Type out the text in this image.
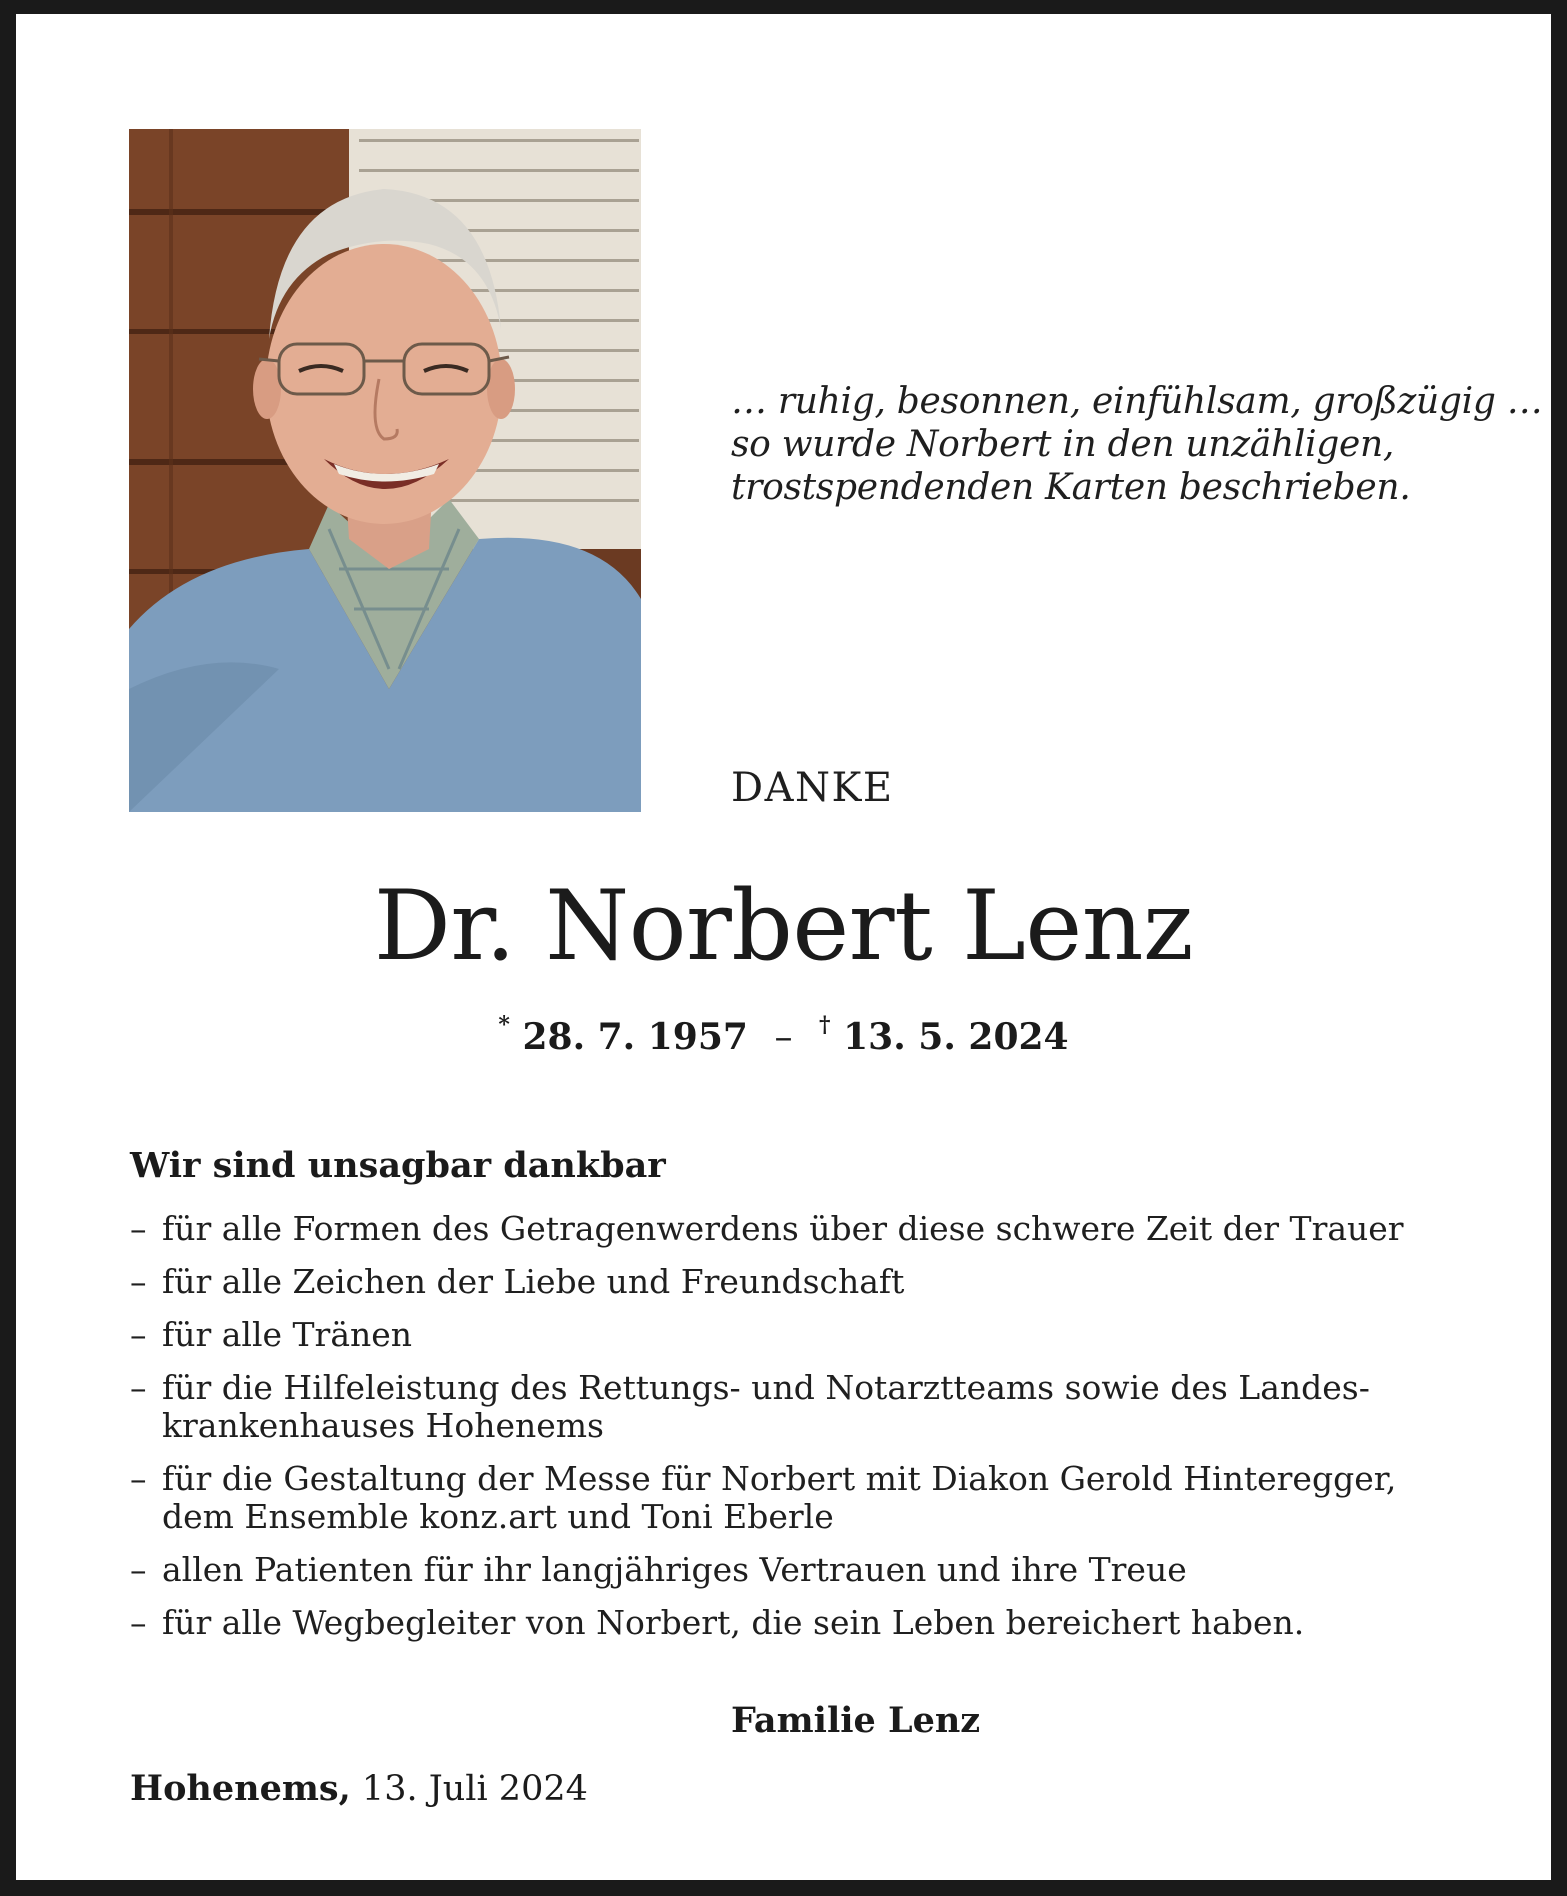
… ruhig, besonnen, einfühlsam, großzügig …
so wurde Norbert in den unzähligen,
trostspendenden Karten beschrieben.
DANKE
Dr. Norbert Lenz
* 28. 7. 1957 – † 13. 5. 2024
Wir sind unsagbar dankbar
– für alle Formen des Getragenwerdens über diese schwere Zeit der Trauer
– für alle Zeichen der Liebe und Freundschaft
– für alle Tränen
– für die Hilfeleistung des Rettungs- und Notarztteams sowie des Landes-
krankenhauses Hohenems
– für die Gestaltung der Messe für Norbert mit Diakon Gerold Hinteregger,
dem Ensemble konz.art und Toni Eberle
– allen Patienten für ihr langjähriges Vertrauen und ihre Treue
– für alle Wegbegleiter von Norbert, die sein Leben bereichert haben.
Familie Lenz
Hohenems, 13. Juli 2024
